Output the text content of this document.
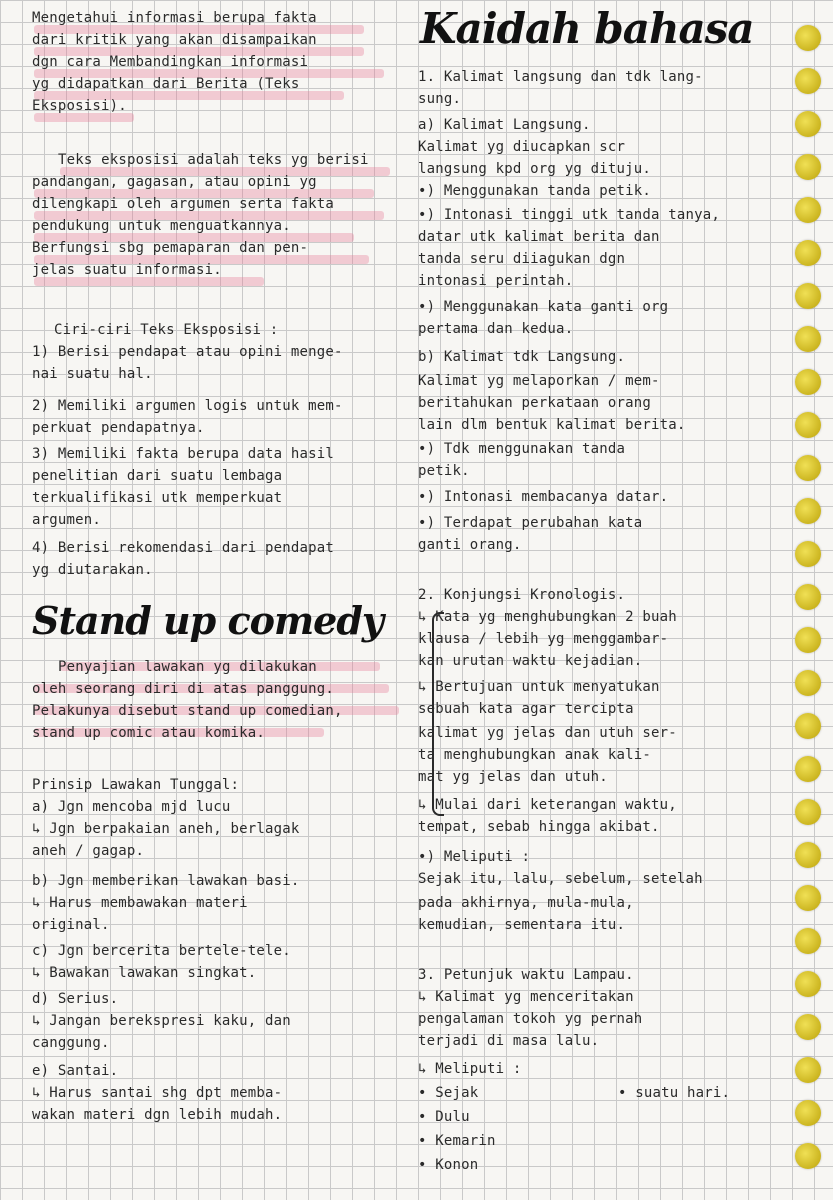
Mengetahui informasi berupa fakta
dari kritik yang akan disampaikan
dgn cara Membandingkan informasi
yg didapatkan dari Berita (Teks
Eksposisi).
Teks eksposisi adalah teks yg berisi
pandangan, gagasan, atau opini yg
dilengkapi oleh argumen serta fakta
pendukung untuk menguatkannya.
Berfungsi sbg pemaparan dan pen-
jelas suatu informasi.
Ciri-ciri Teks Eksposisi :
1) Berisi pendapat atau opini menge-
nai suatu hal.
2) Memiliki argumen logis untuk mem-
perkuat pendapatnya.
3) Memiliki fakta berupa data hasil
penelitian dari suatu lembaga
terkualifikasi utk memperkuat
argumen.
4) Berisi rekomendasi dari pendapat
yg diutarakan.
Stand up comedy
Penyajian lawakan yg dilakukan
oleh seorang diri di atas panggung.
Pelakunya disebut stand up comedian,
stand up comic atau komika.
Prinsip Lawakan Tunggal:
a) Jgn mencoba mjd lucu
↳ Jgn berpakaian aneh, berlagak
aneh / gagap.
b) Jgn memberikan lawakan basi.
↳ Harus membawakan materi
original.
c) Jgn bercerita bertele-tele.
↳ Bawakan lawakan singkat.
d) Serius.
↳ Jangan berekspresi kaku, dan
canggung.
e) Santai.
↳ Harus santai shg dpt memba-
wakan materi dgn lebih mudah.
Kaidah bahasa
1. Kalimat langsung dan tdk lang-
sung.
a) Kalimat Langsung.
Kalimat yg diucapkan scr
langsung kpd org yg dituju.
•) Menggunakan tanda petik.
•) Intonasi tinggi utk tanda tanya,
datar utk kalimat berita dan
tanda seru diiagukan dgn
intonasi perintah.
•) Menggunakan kata ganti org
pertama dan kedua.
b) Kalimat tdk Langsung.
Kalimat yg melaporkan / mem-
beritahukan perkataan orang
lain dlm bentuk kalimat berita.
•) Tdk menggunakan tanda
petik.
•) Intonasi membacanya datar.
•) Terdapat perubahan kata
ganti orang.
2. Konjungsi Kronologis.
↳ Kata yg menghubungkan 2 buah
klausa / lebih yg menggambar-
kan urutan waktu kejadian.
↳ Bertujuan untuk menyatukan
sebuah kata agar tercipta
kalimat yg jelas dan utuh ser-
ta menghubungkan anak kali-
mat yg jelas dan utuh.
↳ Mulai dari keterangan waktu,
tempat, sebab hingga akibat.
•) Meliputi :
Sejak itu, lalu, sebelum, setelah
pada akhirnya, mula-mula,
kemudian, sementara itu.
3. Petunjuk waktu Lampau.
↳ Kalimat yg menceritakan
pengalaman tokoh yg pernah
terjadi di masa lalu.
↳ Meliputi :
• Sejak
• Dulu
• Kemarin
• Konon
• suatu hari.
